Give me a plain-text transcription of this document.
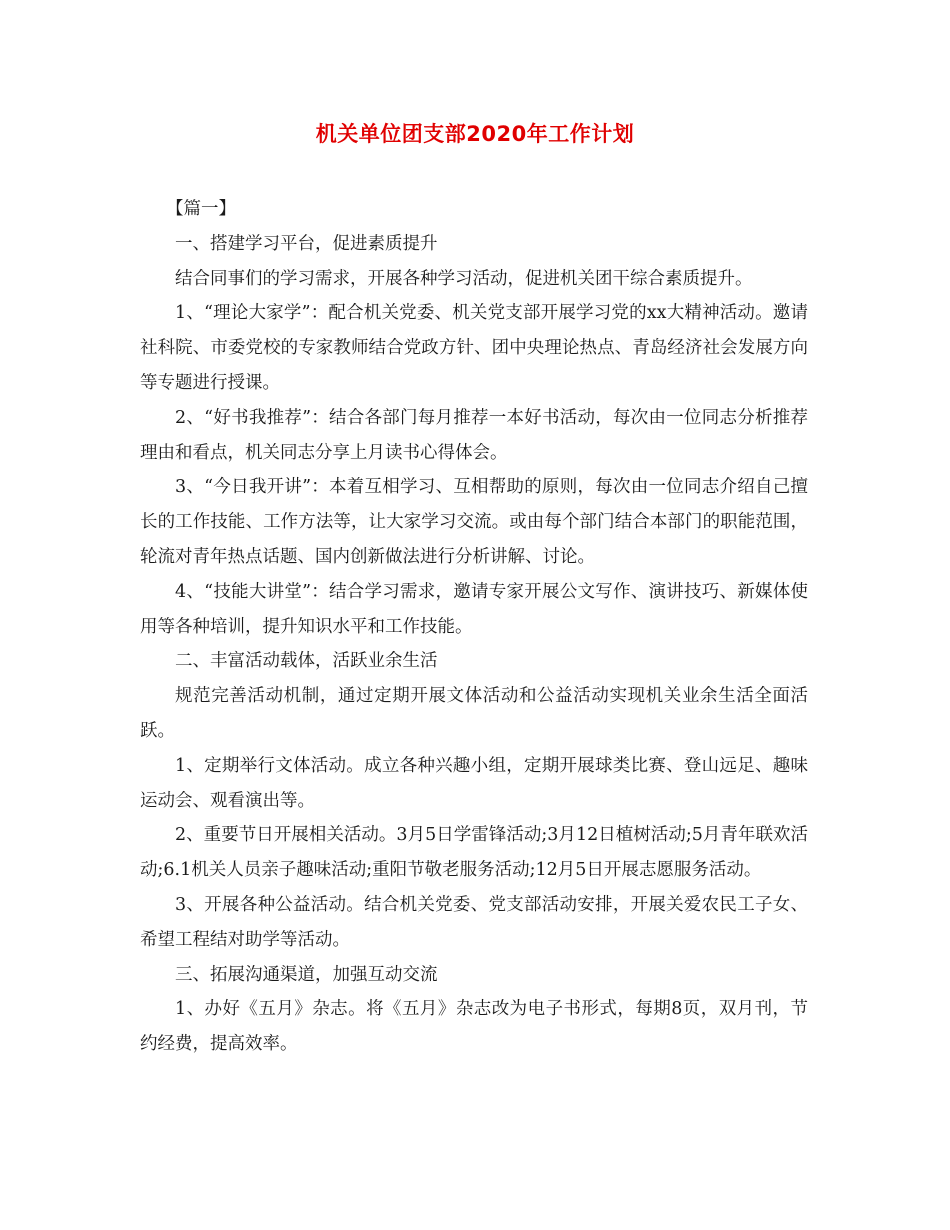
机关单位团支部2020年工作计划

【篇一】

一、搭建学习平台，促进素质提升

结合同事们的学习需求，开展各种学习活动，促进机关团干综合素质提升。

1、“理论大家学”：配合机关党委、机关党支部开展学习党的xx大精神活动。邀请社科院、市委党校的专家教师结合党政方针、团中央理论热点、青岛经济社会发展方向等专题进行授课。

2、“好书我推荐”：结合各部门每月推荐一本好书活动，每次由一位同志分析推荐理由和看点，机关同志分享上月读书心得体会。

3、“今日我开讲”：本着互相学习、互相帮助的原则，每次由一位同志介绍自己擅长的工作技能、工作方法等，让大家学习交流。或由每个部门结合本部门的职能范围，轮流对青年热点话题、国内创新做法进行分析讲解、讨论。

4、“技能大讲堂”：结合学习需求，邀请专家开展公文写作、演讲技巧、新媒体使用等各种培训，提升知识水平和工作技能。

二、丰富活动载体，活跃业余生活

规范完善活动机制，通过定期开展文体活动和公益活动实现机关业余生活全面活跃。

1、定期举行文体活动。成立各种兴趣小组，定期开展球类比赛、登山远足、趣味运动会、观看演出等。

2、重要节日开展相关活动。3月5日学雷锋活动;3月12日植树活动;5月青年联欢活动;6.1机关人员亲子趣味活动;重阳节敬老服务活动;12月5日开展志愿服务活动。

3、开展各种公益活动。结合机关党委、党支部活动安排，开展关爱农民工子女、希望工程结对助学等活动。

三、拓展沟通渠道，加强互动交流

1、办好《五月》杂志。将《五月》杂志改为电子书形式，每期8页，双月刊，节约经费，提高效率。
